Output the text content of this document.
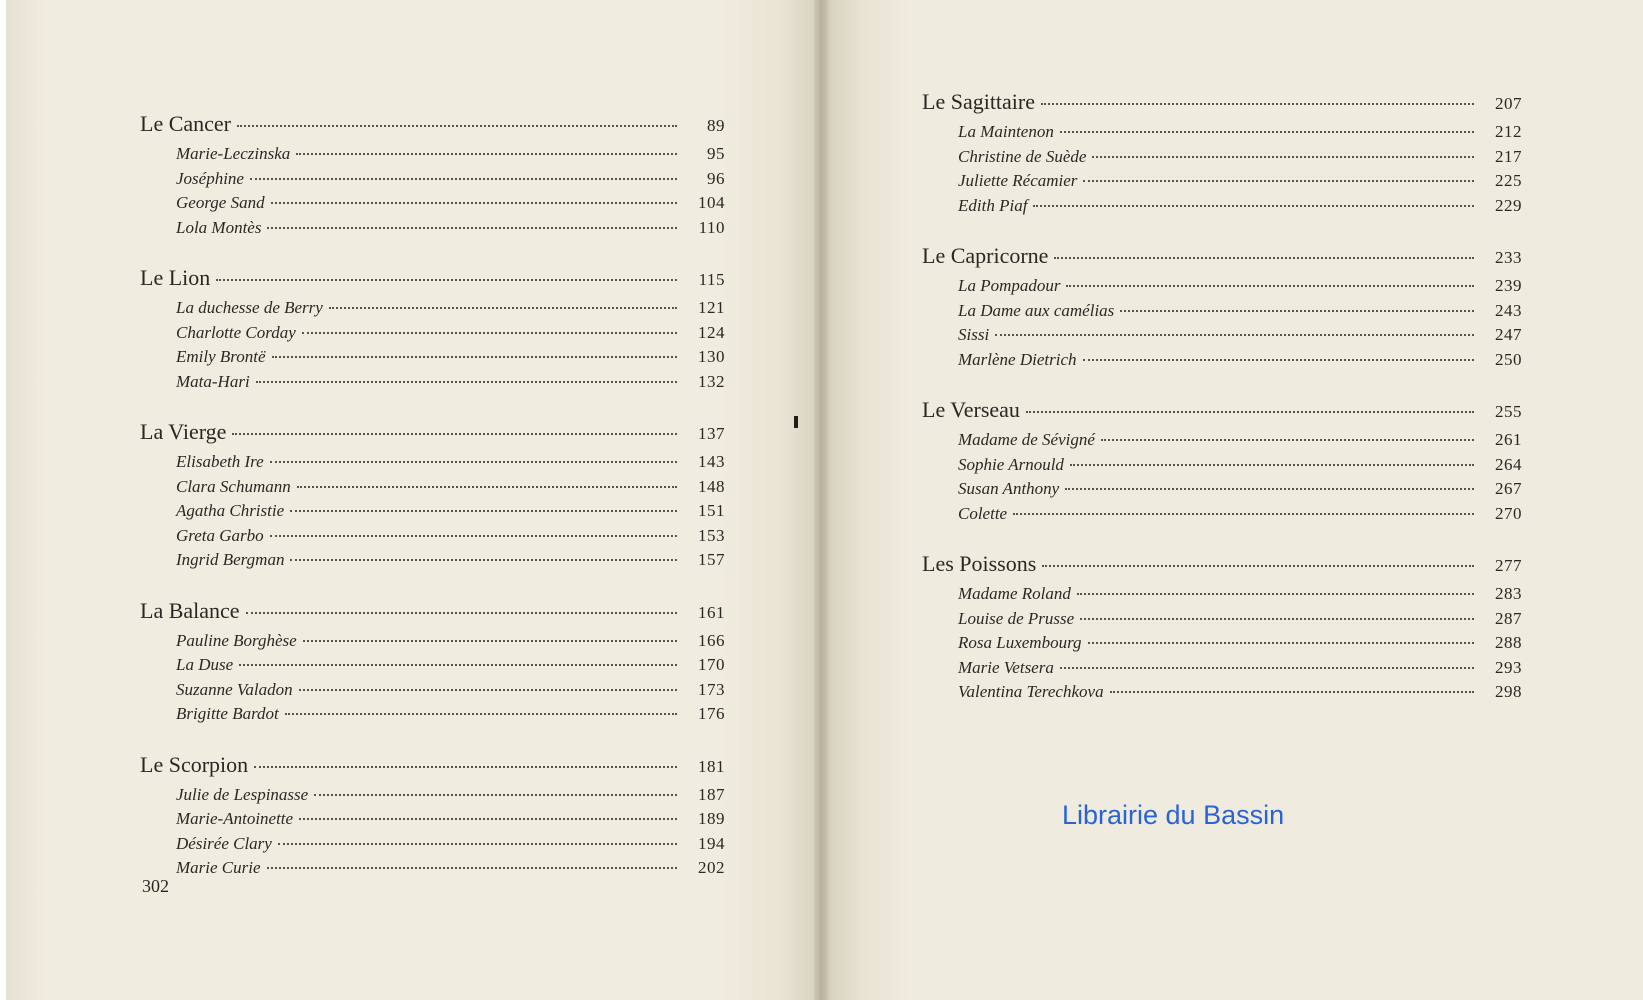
Le Cancer	89
Marie-Leczinska	95
Joséphine	96
George Sand	104
Lola Montès	110
Le Lion	115
La duchesse de Berry	121
Charlotte Corday	124
Emily Brontë	130
Mata-Hari	132
La Vierge	137
Elisabeth Ire	143
Clara Schumann	148
Agatha Christie	151
Greta Garbo	153
Ingrid Bergman	157
La Balance	161
Pauline Borghèse	166
La Duse	170
Suzanne Valadon	173
Brigitte Bardot	176
Le Scorpion	181
Julie de Lespinasse	187
Marie-Antoinette	189
Désirée Clary	194
Marie Curie	202
302
Le Sagittaire	207
La Maintenon	212
Christine de Suède	217
Juliette Récamier	225
Edith Piaf	229
Le Capricorne	233
La Pompadour	239
La Dame aux camélias	243
Sissi	247
Marlène Dietrich	250
Le Verseau	255
Madame de Sévigné	261
Sophie Arnould	264
Susan Anthony	267
Colette	270
Les Poissons	277
Madame Roland	283
Louise de Prusse	287
Rosa Luxembourg	288
Marie Vetsera	293
Valentina Terechkova	298
Librairie du Bassin
